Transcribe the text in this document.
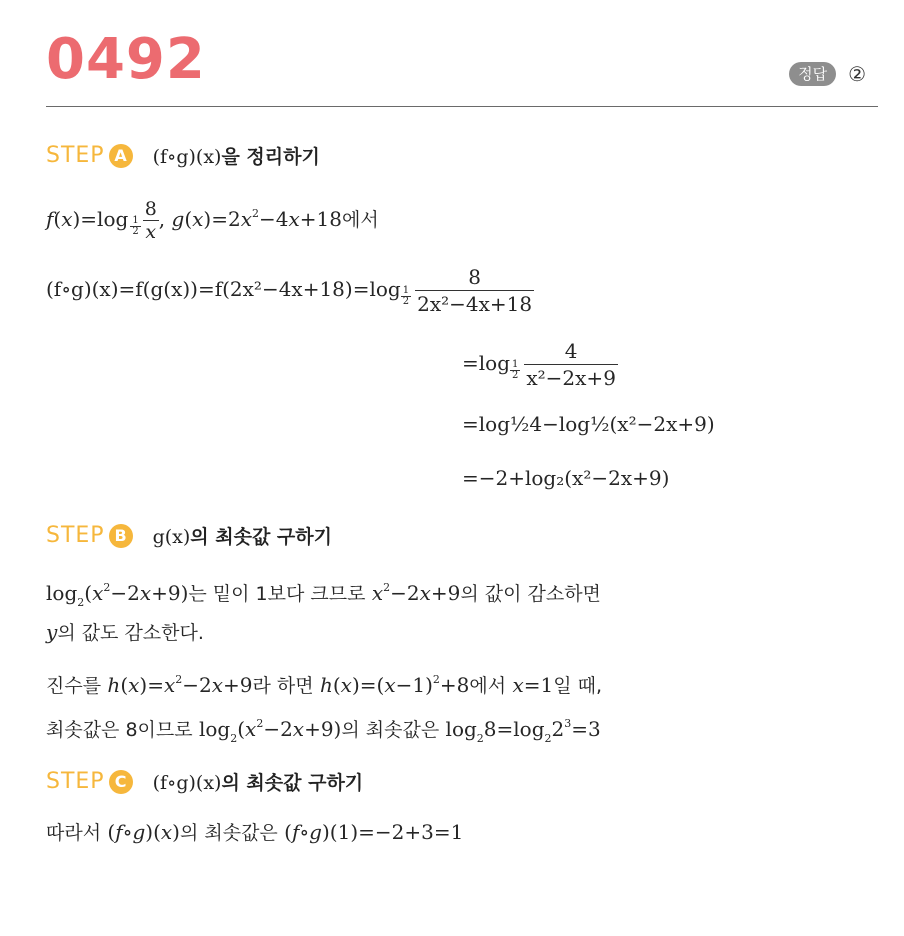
0492	정답	②
STEP A	(f∘g)(x)을 정리하기
$f(x)=\log \frac{1}{2} \frac{8}{x}$ , $g(x)=2x^2-4x+18$에서
(f∘g)(x)=f(g(x))=f(2x²−4x+18)=log $\frac{1}{2} \frac{8}{\text{2x²−4x+18}}$
$=\log \frac{1}{2} \frac{4}{\text{x²−2x+9}}$
=log½4−log½(x²−2x+9)
=−2+log₂(x²−2x+9)
STEP B	g(x)의 최솟값 구하기
$\log_2(x^2-2x+9)$는 밑이 1보다 크므로 $x^2-2x+9$의 값이 감소하면
y의 값도 감소한다.
진수를 $h(x)=x^2-2x+9$라 하면 $h(x)=(x-1)^2+8$에서 x=1일 때,
최솟값은 8이므로 $\log_2(x^2-2x+9)$의 최솟값은 $\log_28=\log_22^3=3$
STEP C	(f∘g)(x)의 최솟값 구하기
따라서 (f∘g)(x)의 최솟값은 (f∘g)(1)=−2+3=1
